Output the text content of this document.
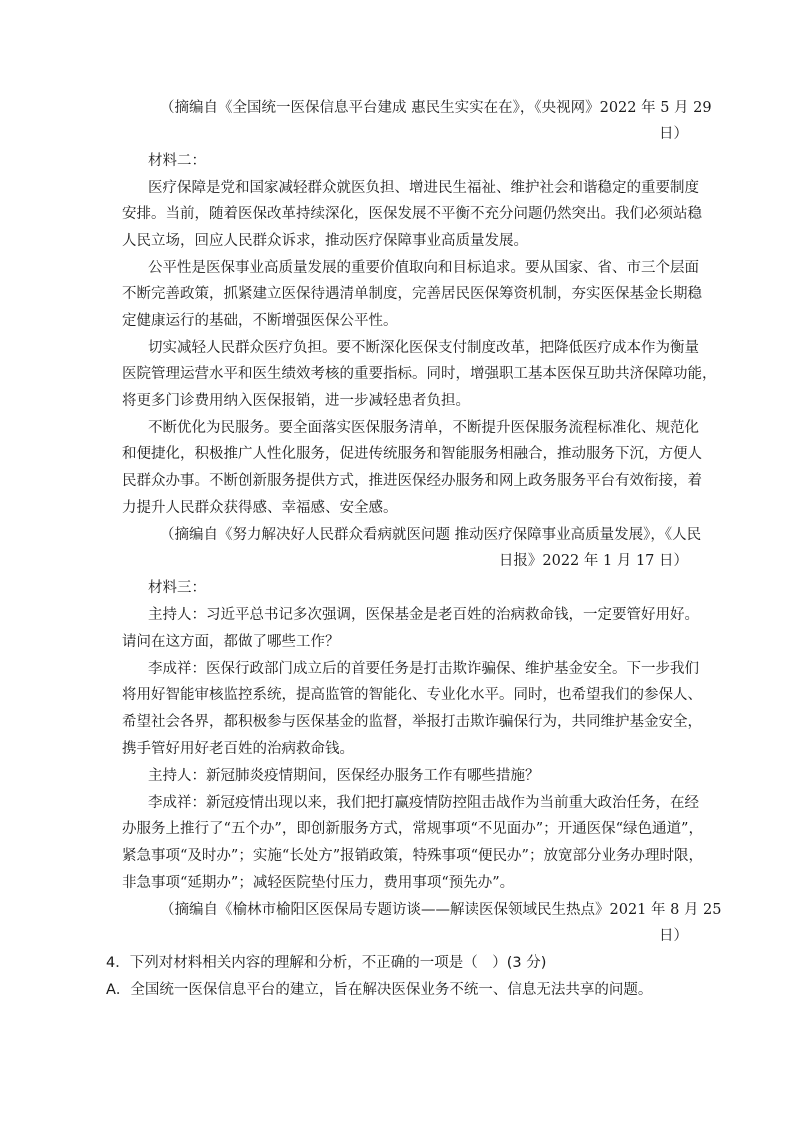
（摘编自《全国统一医保信息平台建成 惠民生实实在在》，《央视网》2022 年 5 月 29
日）
材料二：
医疗保障是党和国家减轻群众就医负担、增进民生福祉、维护社会和谐稳定的重要制度
安排。当前，随着医保改革持续深化，医保发展不平衡不充分问题仍然突出。我们必须站稳
人民立场，回应人民群众诉求，推动医疗保障事业高质量发展。
公平性是医保事业高质量发展的重要价值取向和目标追求。要从国家、省、市三个层面
不断完善政策，抓紧建立医保待遇清单制度，完善居民医保筹资机制，夯实医保基金长期稳
定健康运行的基础，不断增强医保公平性。
切实减轻人民群众医疗负担。要不断深化医保支付制度改革，把降低医疗成本作为衡量
医院管理运营水平和医生绩效考核的重要指标。同时，增强职工基本医保互助共济保障功能，
将更多门诊费用纳入医保报销，进一步减轻患者负担。
不断优化为民服务。要全面落实医保服务清单，不断提升医保服务流程标准化、规范化
和便捷化，积极推广人性化服务，促进传统服务和智能服务相融合，推动服务下沉，方便人
民群众办事。不断创新服务提供方式，推进医保经办服务和网上政务服务平台有效衔接，着
力提升人民群众获得感、幸福感、安全感。
（摘编自《努力解决好人民群众看病就医问题 推动医疗保障事业高质量发展》，《人民
日报》2022 年 1 月 17 日）
材料三：
主持人：习近平总书记多次强调，医保基金是老百姓的治病救命钱，一定要管好用好。
请问在这方面，都做了哪些工作？
李成祥：医保行政部门成立后的首要任务是打击欺诈骗保、维护基金安全。下一步我们
将用好智能审核监控系统，提高监管的智能化、专业化水平。同时，也希望我们的参保人、
希望社会各界，都积极参与医保基金的监督，举报打击欺诈骗保行为，共同维护基金安全，
携手管好用好老百姓的治病救命钱。
主持人：新冠肺炎疫情期间，医保经办服务工作有哪些措施？
李成祥：新冠疫情出现以来，我们把打赢疫情防控阻击战作为当前重大政治任务，在经
办服务上推行了“五个办”，即创新服务方式，常规事项“不见面办”；开通医保“绿色通道”，
紧急事项“及时办”；实施“长处方”报销政策，特殊事项“便民办”；放宽部分业务办理时限，
非急事项“延期办”；减轻医院垫付压力，费用事项“预先办”。
（摘编自《榆林市榆阳区医保局专题访谈——解读医保领域民生热点》2021 年 8 月 25
日）
4．下列对材料相关内容的理解和分析，不正确的一项是（　）(3 分)
A．全国统一医保信息平台的建立，旨在解决医保业务不统一、信息无法共享的问题。
